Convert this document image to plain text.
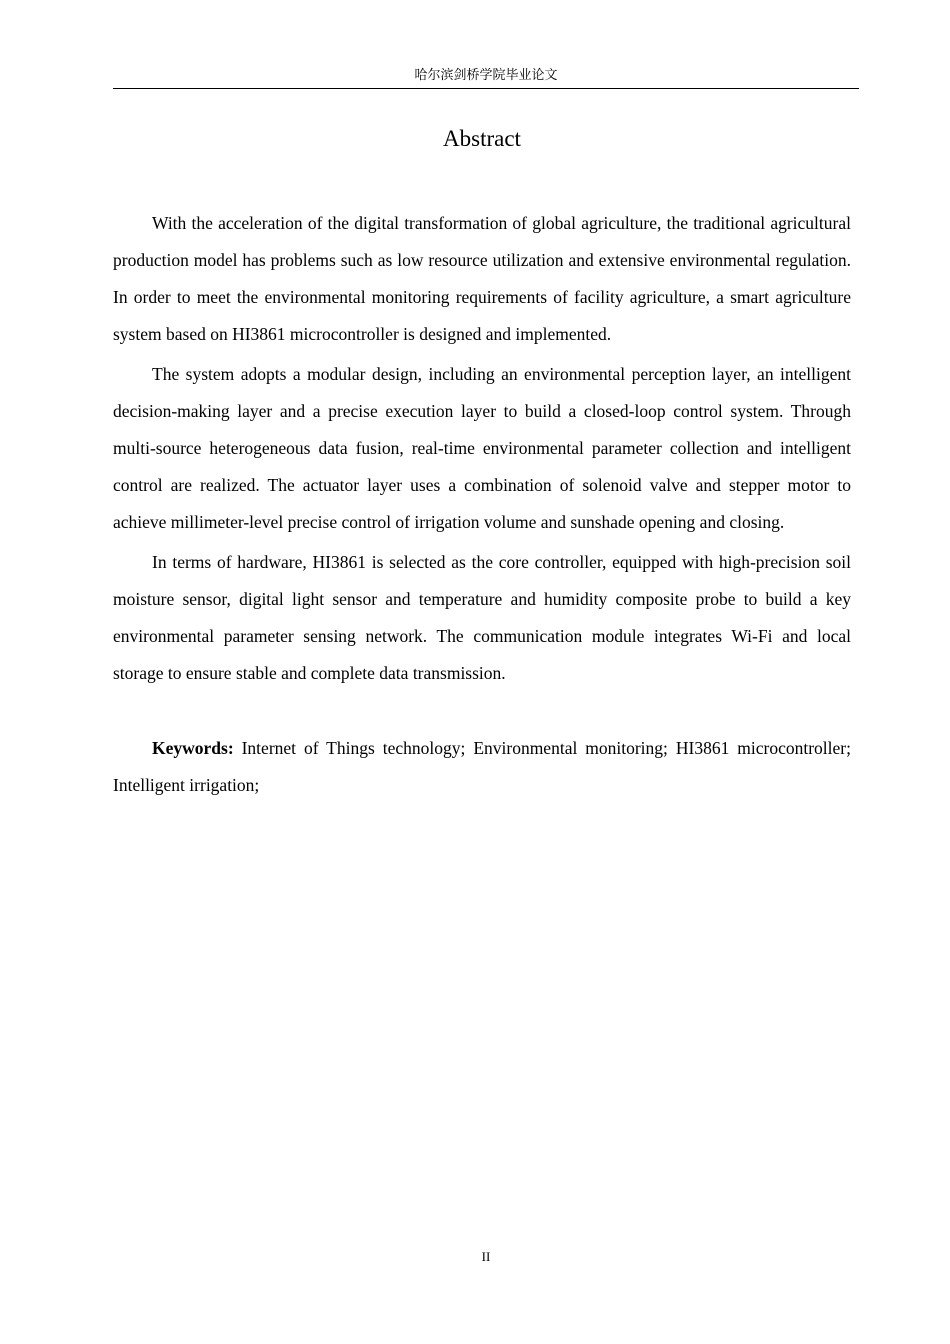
哈尔滨剑桥学院毕业论文
Abstract

With the acceleration of the digital transformation of global agriculture, the traditional agricultural production model has problems such as low resource utilization and extensive environmental regulation. In order to meet the environmental monitoring requirements of facility agriculture, a smart agriculture system based on HI3861 microcontroller is designed and implemented.

The system adopts a modular design, including an environmental perception layer, an intelligent decision-making layer and a precise execution layer to build a closed-loop control system. Through multi-source heterogeneous data fusion, real-time environmental parameter collection and intelligent control are realized. The actuator layer uses a combination of solenoid valve and stepper motor to achieve millimeter-level precise control of irrigation volume and sunshade opening and closing.

In terms of hardware, HI3861 is selected as the core controller, equipped with high-precision soil moisture sensor, digital light sensor and temperature and humidity composite probe to build a key environmental parameter sensing network. The communication module integrates Wi-Fi and local storage to ensure stable and complete data transmission.

Keywords: Internet of Things technology; Environmental monitoring; HI3861 microcontroller; Intelligent irrigation;
II
